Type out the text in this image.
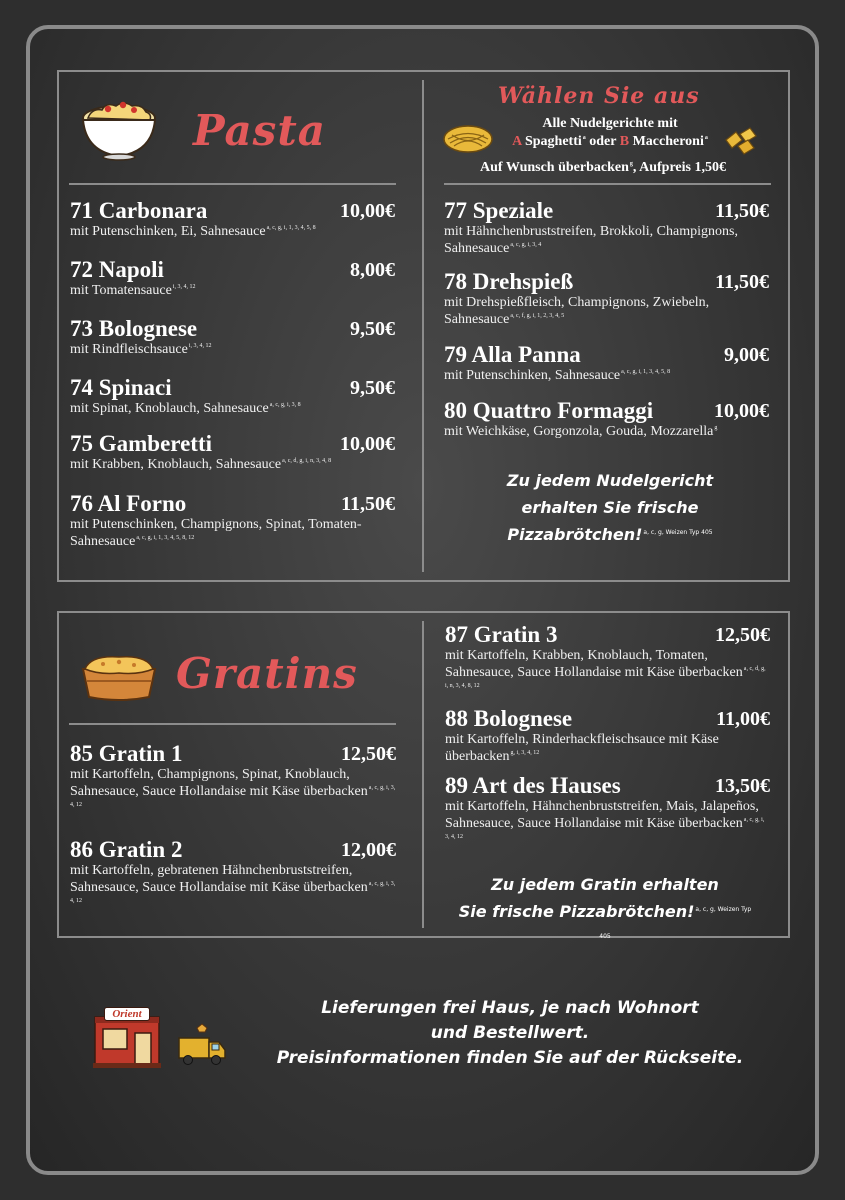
Pasta
Wählen Sie aus
Alle Nudelgerichte mit
A Spaghetti$^a$ oder B Maccheroni$^a$
Auf Wunsch überbacken$^g$, Aufpreis 1,50€
71 Carbonara	10,00€
mit Putenschinken, Ei, Sahnesauce$^{a, c, g, i, 1, 3, 4, 5, 8}$
72 Napoli	8,00€
mit Tomatensauce$^{i, 3, 4, 12}$
73 Bolognese	9,50€
mit Rindfleischsauce$^{i, 3, 4, 12}$
74 Spinaci	9,50€
mit Spinat, Knoblauch, Sahnesauce$^{a, c, g, i, 3, 8}$
75 Gamberetti	10,00€
mit Krabben, Knoblauch, Sahnesauce$^{a, c, d, g, i, n, 3, 4, 8}$
76 Al Forno	11,50€
mit Putenschinken, Champignons, Spinat, Tomaten-Sahnesauce$^{a, c, g, i, 1, 3, 4, 5, 8, 12}$
77 Speziale	11,50€
mit Hähnchenbruststreifen, Brokkoli, Champignons, Sahnesauce$^{a, c, g, i, 3, 4}$
78 Drehspieß	11,50€
mit Drehspießfleisch, Champignons, Zwiebeln, Sahnesauce$^{a, c, f, g, i, 1, 2, 3, 4, 5}$
79 Alla Panna	9,00€
mit Putenschinken, Sahnesauce$^{a, c, g, i, 1, 3, 4, 5, 8}$
80 Quattro Formaggi	10,00€
mit Weichkäse, Gorgonzola, Gouda, Mozzarella$^g$
Zu jedem Nudelgericht
erhalten Sie frische
Pizzabrötchen!$^{a, c, g, Weizen Typ 405}$
Gratins
85 Gratin 1	12,50€
mit Kartoffeln, Champignons, Spinat, Knoblauch, Sahnesauce, Sauce Hollandaise mit Käse überbacken$^{a, c, g, i, 3, 4, 12}$
86 Gratin 2	12,00€
mit Kartoffeln, gebratenen Hähnchenbruststreifen, Sahnesauce, Sauce Hollandaise mit Käse überbacken$^{a, c, g, i, 3, 4, 12}$
87 Gratin 3	12,50€
mit Kartoffeln, Krabben, Knoblauch, Tomaten, Sahnesauce, Sauce Hollandaise mit Käse überbacken$^{a, c, d, g, i, n, 3, 4, 8, 12}$
88 Bolognese	11,00€
mit Kartoffeln, Rinderhackfleischsauce mit Käse überbacken$^{g, i, 3, 4, 12}$
89 Art des Hauses	13,50€
mit Kartoffeln, Hähnchenbruststreifen, Mais, Jalapeños, Sahnesauce, Sauce Hollandaise mit Käse überbacken$^{a, c, g, i, 3, 4, 12}$
Zu jedem Gratin erhalten
Sie frische Pizzabrötchen!$^{a, c, g, Weizen Typ 405}$
Orient	Lieferungen frei Haus, je nach Wohnort
und Bestellwert.
Preisinformationen finden Sie auf der Rückseite.
